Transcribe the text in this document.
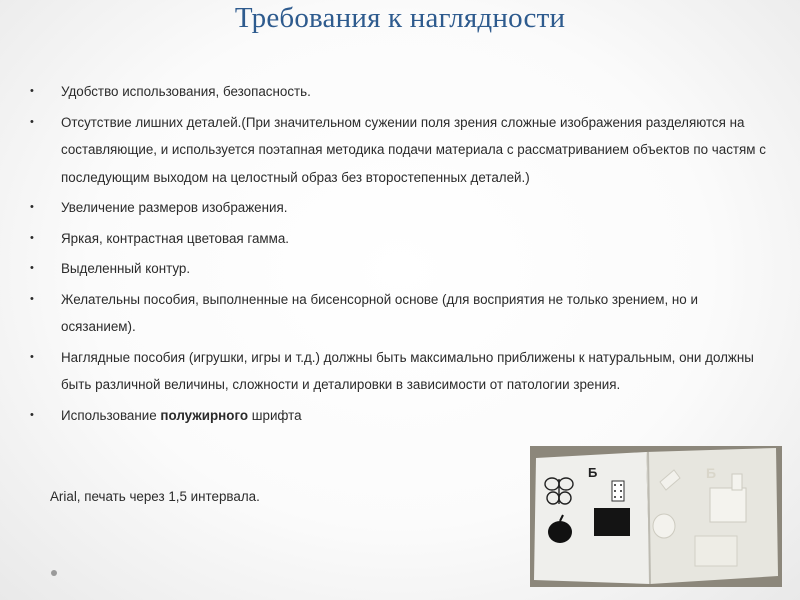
Требования к наглядности
• Удобство использования, безопасность.
• Отсутствие лишних деталей.(При значительном сужении поля зрения сложные изображения разделяются на составляющие, и используется поэтапная методика подачи материала с рассматриванием объектов по частям с последующим выходом на целостный образ без второстепенных деталей.)
• Увеличение размеров изображения.
• Яркая, контрастная цветовая гамма.
• Выделенный контур.
• Желательны пособия, выполненные на бисенсорной основе (для восприятия не только зрением, но и осязанием).
• Наглядные пособия (игрушки, игры и т.д.) должны быть максимально приближены к натуральным, они должны быть различной величины, сложности и деталировки в зависимости от патологии зрения.
• Использование полужирного шрифта
Arial, печать через 1,5 интервала.
Б	Б
